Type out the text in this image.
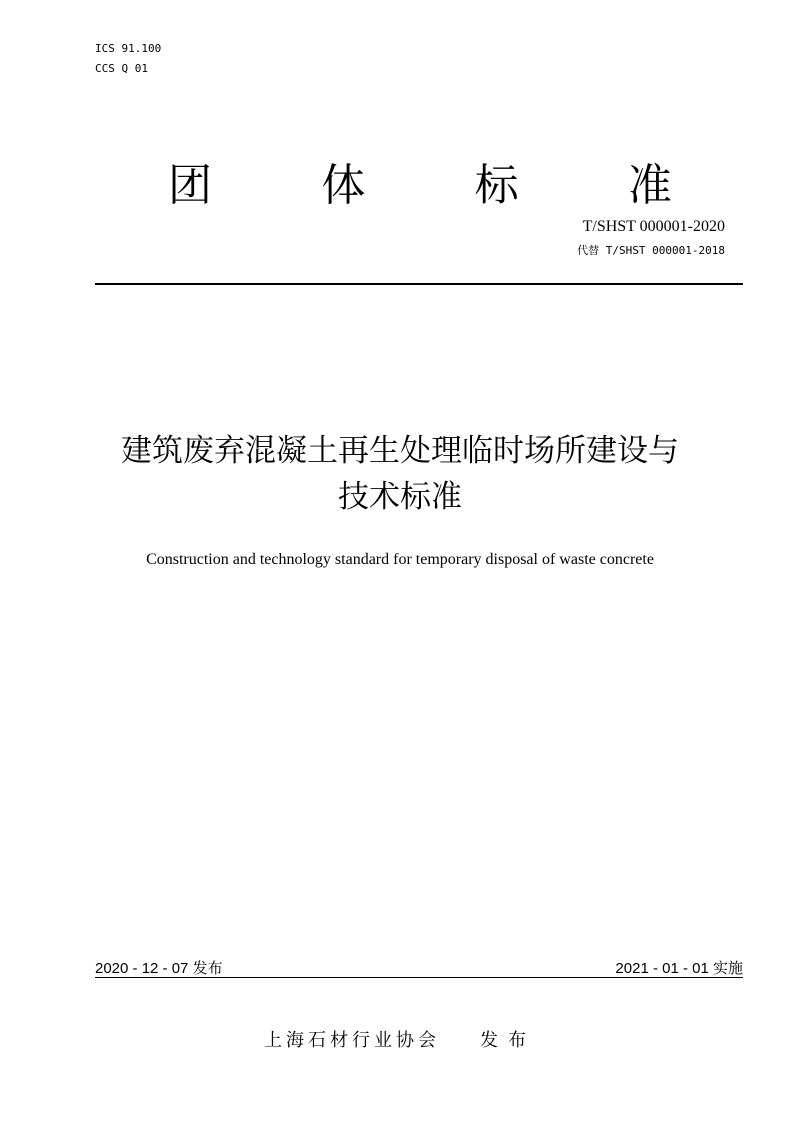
ICS 91.100
CCS Q 01
团	体	标	准
T/SHST 000001-2020
代替 T/SHST 000001-2018
建筑废弃混凝土再生处理临时场所建设与
技术标准
Construction and technology standard for temporary disposal of waste concrete
2020 - 12 - 07 发布	2021 - 01 - 01 实施
上海石材行业协会 发布
